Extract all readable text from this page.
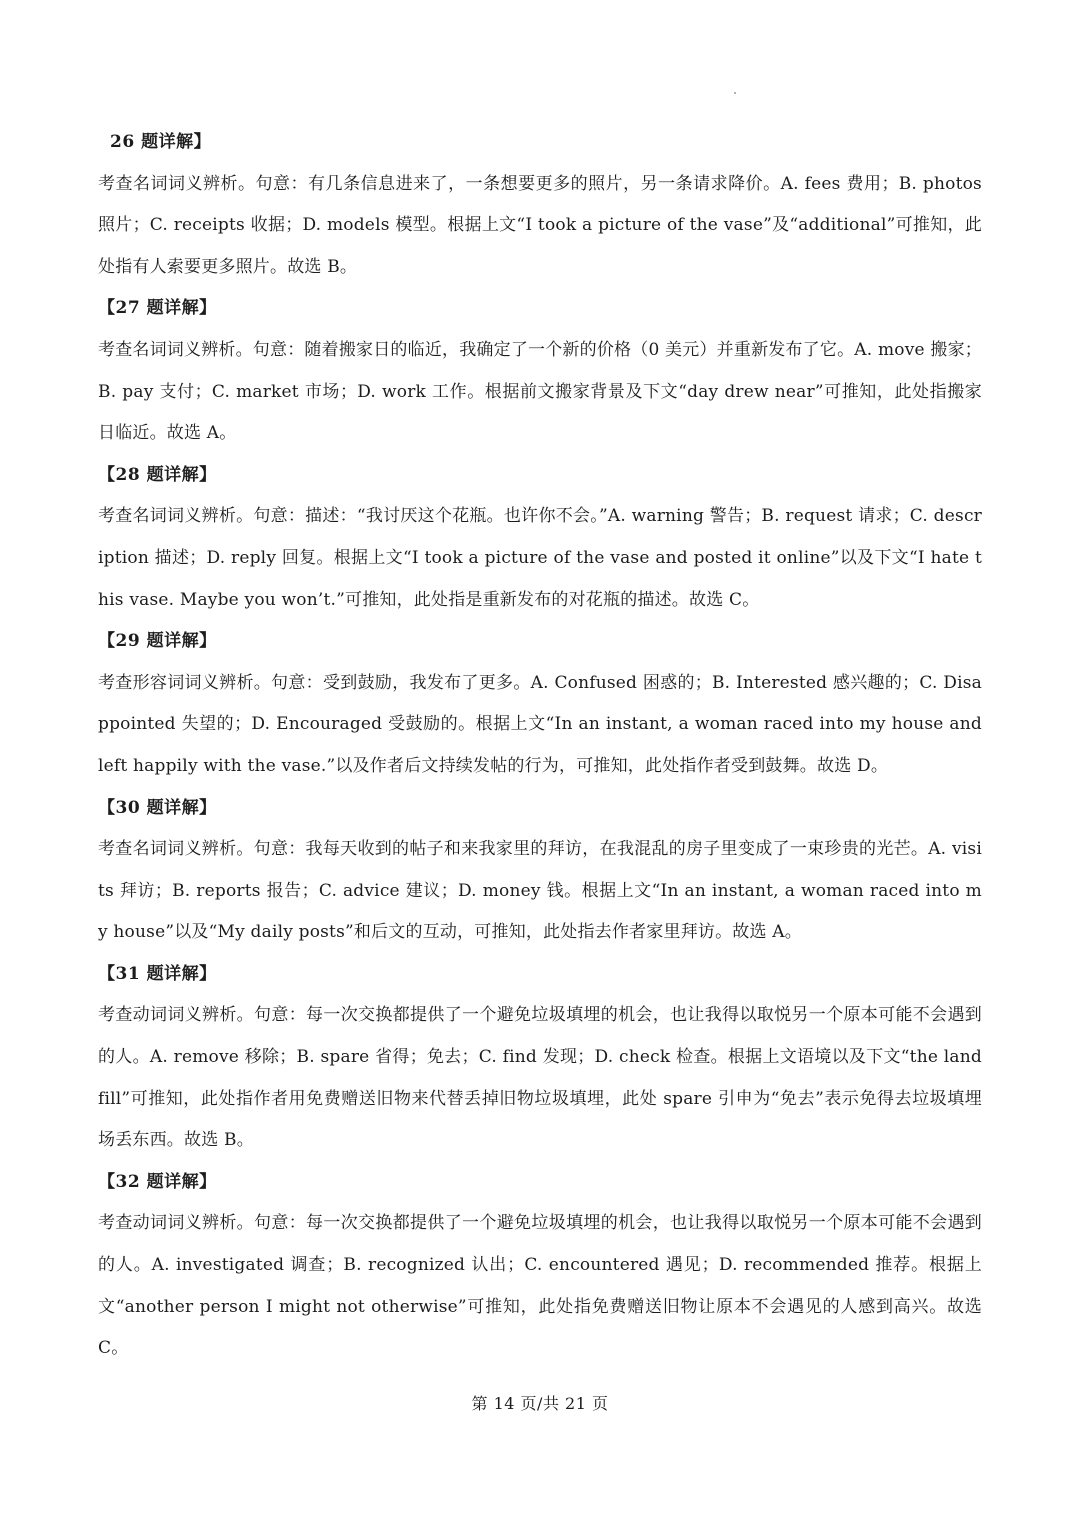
26 题详解】
考查名词词义辨析。句意：有几条信息进来了，一条想要更多的照片，另一条请求降价。A. fees 费用；B. photos 照片；C. receipts 收据；D. models 模型。根据上文“I took a picture of the vase”及“additional”可推知，此处指有人索要更多照片。故选 B。
【27 题详解】
考查名词词义辨析。句意：随着搬家日的临近，我确定了一个新的价格（0 美元）并重新发布了它。A. move 搬家；B. pay 支付；C. market 市场；D. work 工作。根据前文搬家背景及下文“day drew near”可推知，此处指搬家日临近。故选 A。
【28 题详解】
考查名词词义辨析。句意：描述：“我讨厌这个花瓶。也许你不会。”A. warning 警告；B. request 请求；C. description 描述；D. reply 回复。根据上文“I took a picture of the vase and posted it online”以及下文“I hate this vase. Maybe you won’t.”可推知，此处指是重新发布的对花瓶的描述。故选 C。
【29 题详解】
考查形容词词义辨析。句意：受到鼓励，我发布了更多。A. Confused 困惑的；B. Interested 感兴趣的；C. Disappointed 失望的；D. Encouraged 受鼓励的。根据上文“In an instant, a woman raced into my house and left happily with the vase.”以及作者后文持续发帖的行为，可推知，此处指作者受到鼓舞。故选 D。
【30 题详解】
考查名词词义辨析。句意：我每天收到的帖子和来我家里的拜访，在我混乱的房子里变成了一束珍贵的光芒。A. visits 拜访；B. reports 报告；C. advice 建议；D. money 钱。根据上文“In an instant, a woman raced into my house”以及“My daily posts”和后文的互动，可推知，此处指去作者家里拜访。故选 A。
【31 题详解】
考查动词词义辨析。句意：每一次交换都提供了一个避免垃圾填埋的机会，也让我得以取悦另一个原本可能不会遇到的人。A. remove 移除；B. spare 省得；免去；C. find 发现；D. check 检查。根据上文语境以及下文“the landfill”可推知，此处指作者用免费赠送旧物来代替丢掉旧物垃圾填埋，此处 spare 引申为“免去”表示免得去垃圾填埋场丢东西。故选 B。
【32 题详解】
考查动词词义辨析。句意：每一次交换都提供了一个避免垃圾填埋的机会，也让我得以取悦另一个原本可能不会遇到的人。A. investigated 调查；B. recognized 认出；C. encountered 遇见；D. recommended 推荐。根据上文“another person I might not otherwise”可推知，此处指免费赠送旧物让原本不会遇见的人感到高兴。故选 C。
第 14 页/共 21 页
